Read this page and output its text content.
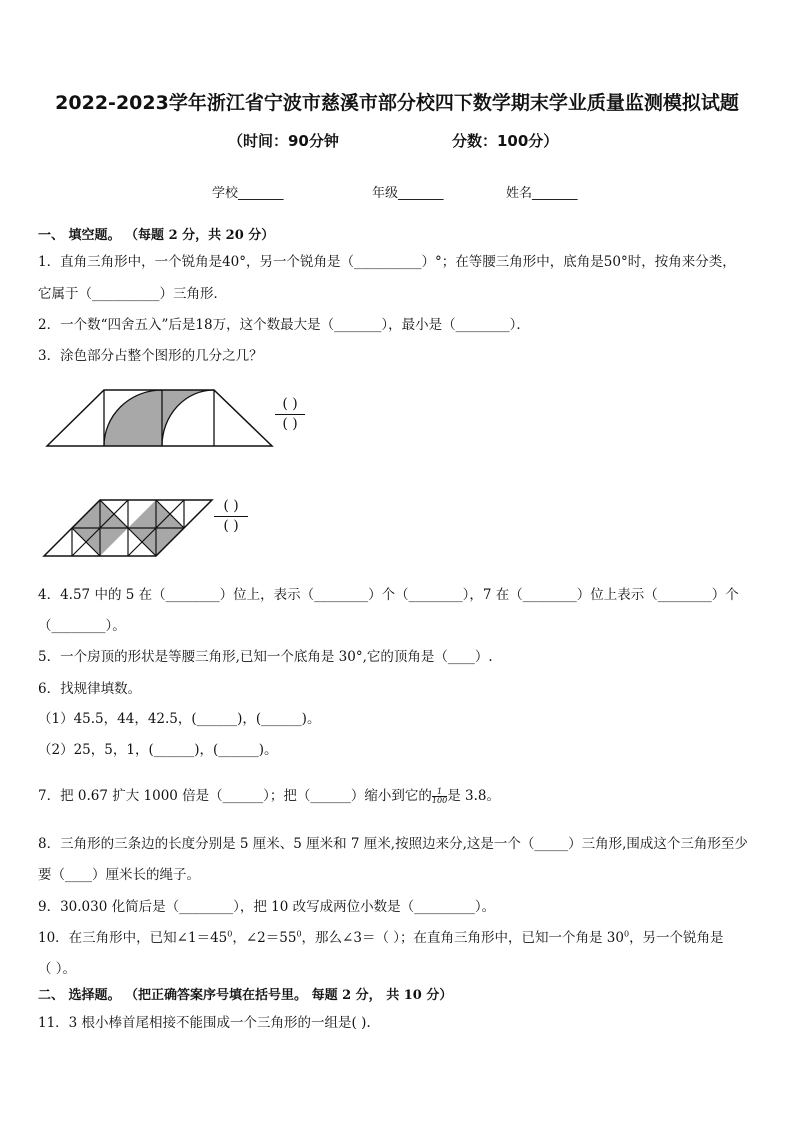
2022-2023学年浙江省宁波市慈溪市部分校四下数学期末学业质量监测模拟试题
（时间：90分钟	分数：100分）
学校_______	年级_______	姓名_______
一、 填空题。 （每题 2 分，共 20 分）
1．直角三角形中，一个锐角是40°，另一个锐角是（__________）°；在等腰三角形中，底角是50°时，按角来分类，
它属于（__________）三角形．
2．一个数“四舍五入”后是18万，这个数最大是（_______），最小是（________）．
3．涂色部分占整个图形的几分之几？
( )
( )
( )
( )
4．4.57 中的 5 在（________）位上，表示（________）个（________），7 在（________）位上表示（________）个
（________）。
5．一个房顶的形状是等腰三角形,已知一个底角是 30°,它的顶角是（____）.
6．找规律填数。
（1）45.5，44，42.5，(______)，(______)。
（2）25，5，1，(______)，(______)。
7．把 0.67 扩大 1000 倍是（______）；把（______）缩小到它的 $\frac{1}{100}$ 是 3.8。
8．三角形的三条边的长度分别是 5 厘米、5 厘米和 7 厘米,按照边来分,这是一个（_____）三角形,围成这个三角形至少
要（____）厘米长的绳子。
9．30.030 化简后是（________），把 10 改写成两位小数是（_________）。
10．在三角形中，已知$\angle 1=45^0$，$\angle 2=55^0$，那么∠3＝（ ）；在直角三角形中，已知一个角是 $30^0$，另一个锐角是
（ ）。
二、 选择题。 （把正确答案序号填在括号里。 每题 2 分， 共 10 分）
11．3 根小棒首尾相接不能围成一个三角形的一组是( ).
